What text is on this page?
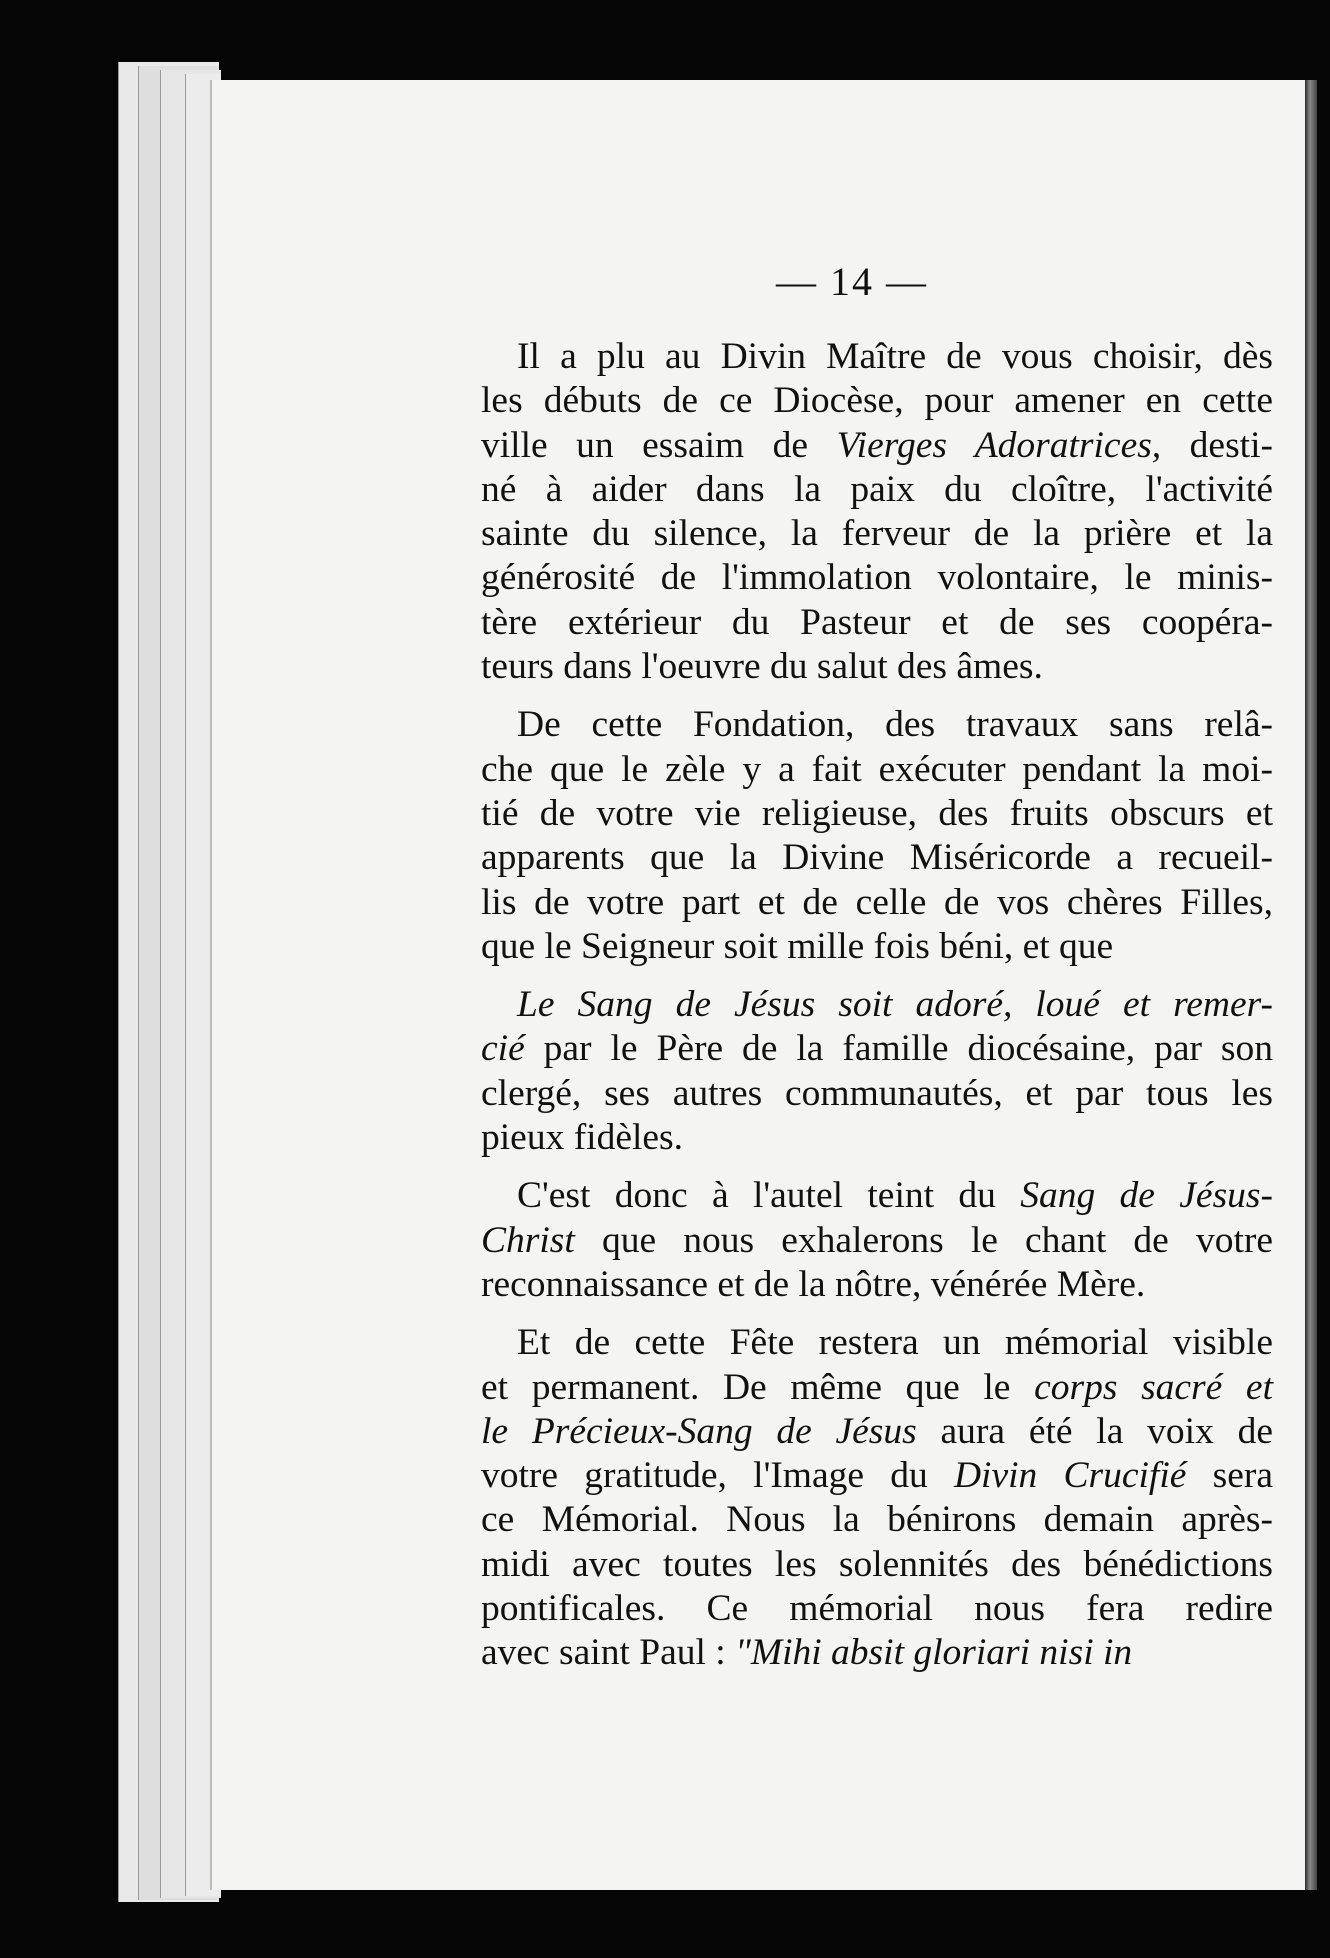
— 14 —
Il a plu au Divin Maître de vous choisir, dès
les débuts de ce Diocèse, pour amener en cette
ville un essaim de Vierges Adoratrices, desti-
né à aider dans la paix du cloître, l'activité
sainte du silence, la ferveur de la prière et la
générosité de l'immolation volontaire, le minis-
tère extérieur du Pasteur et de ses coopéra-
teurs dans l'oeuvre du salut des âmes.
De cette Fondation, des travaux sans relâ-
che que le zèle y a fait exécuter pendant la moi-
tié de votre vie religieuse, des fruits obscurs et
apparents que la Divine Miséricorde a recueil-
lis de votre part et de celle de vos chères Filles,
que le Seigneur soit mille fois béni, et que
Le Sang de Jésus soit adoré, loué et remer-
cié par le Père de la famille diocésaine, par son
clergé, ses autres communautés, et par tous les
pieux fidèles.
C'est donc à l'autel teint du Sang de Jésus-
Christ que nous exhalerons le chant de votre
reconnaissance et de la nôtre, vénérée Mère.
Et de cette Fête restera un mémorial visible
et permanent. De même que le corps sacré et
le Précieux-Sang de Jésus aura été la voix de
votre gratitude, l'Image du Divin Crucifié sera
ce Mémorial. Nous la bénirons demain après-
midi avec toutes les solennités des bénédictions
pontificales. Ce mémorial nous fera redire
avec saint Paul : "Mihi absit gloriari nisi in
